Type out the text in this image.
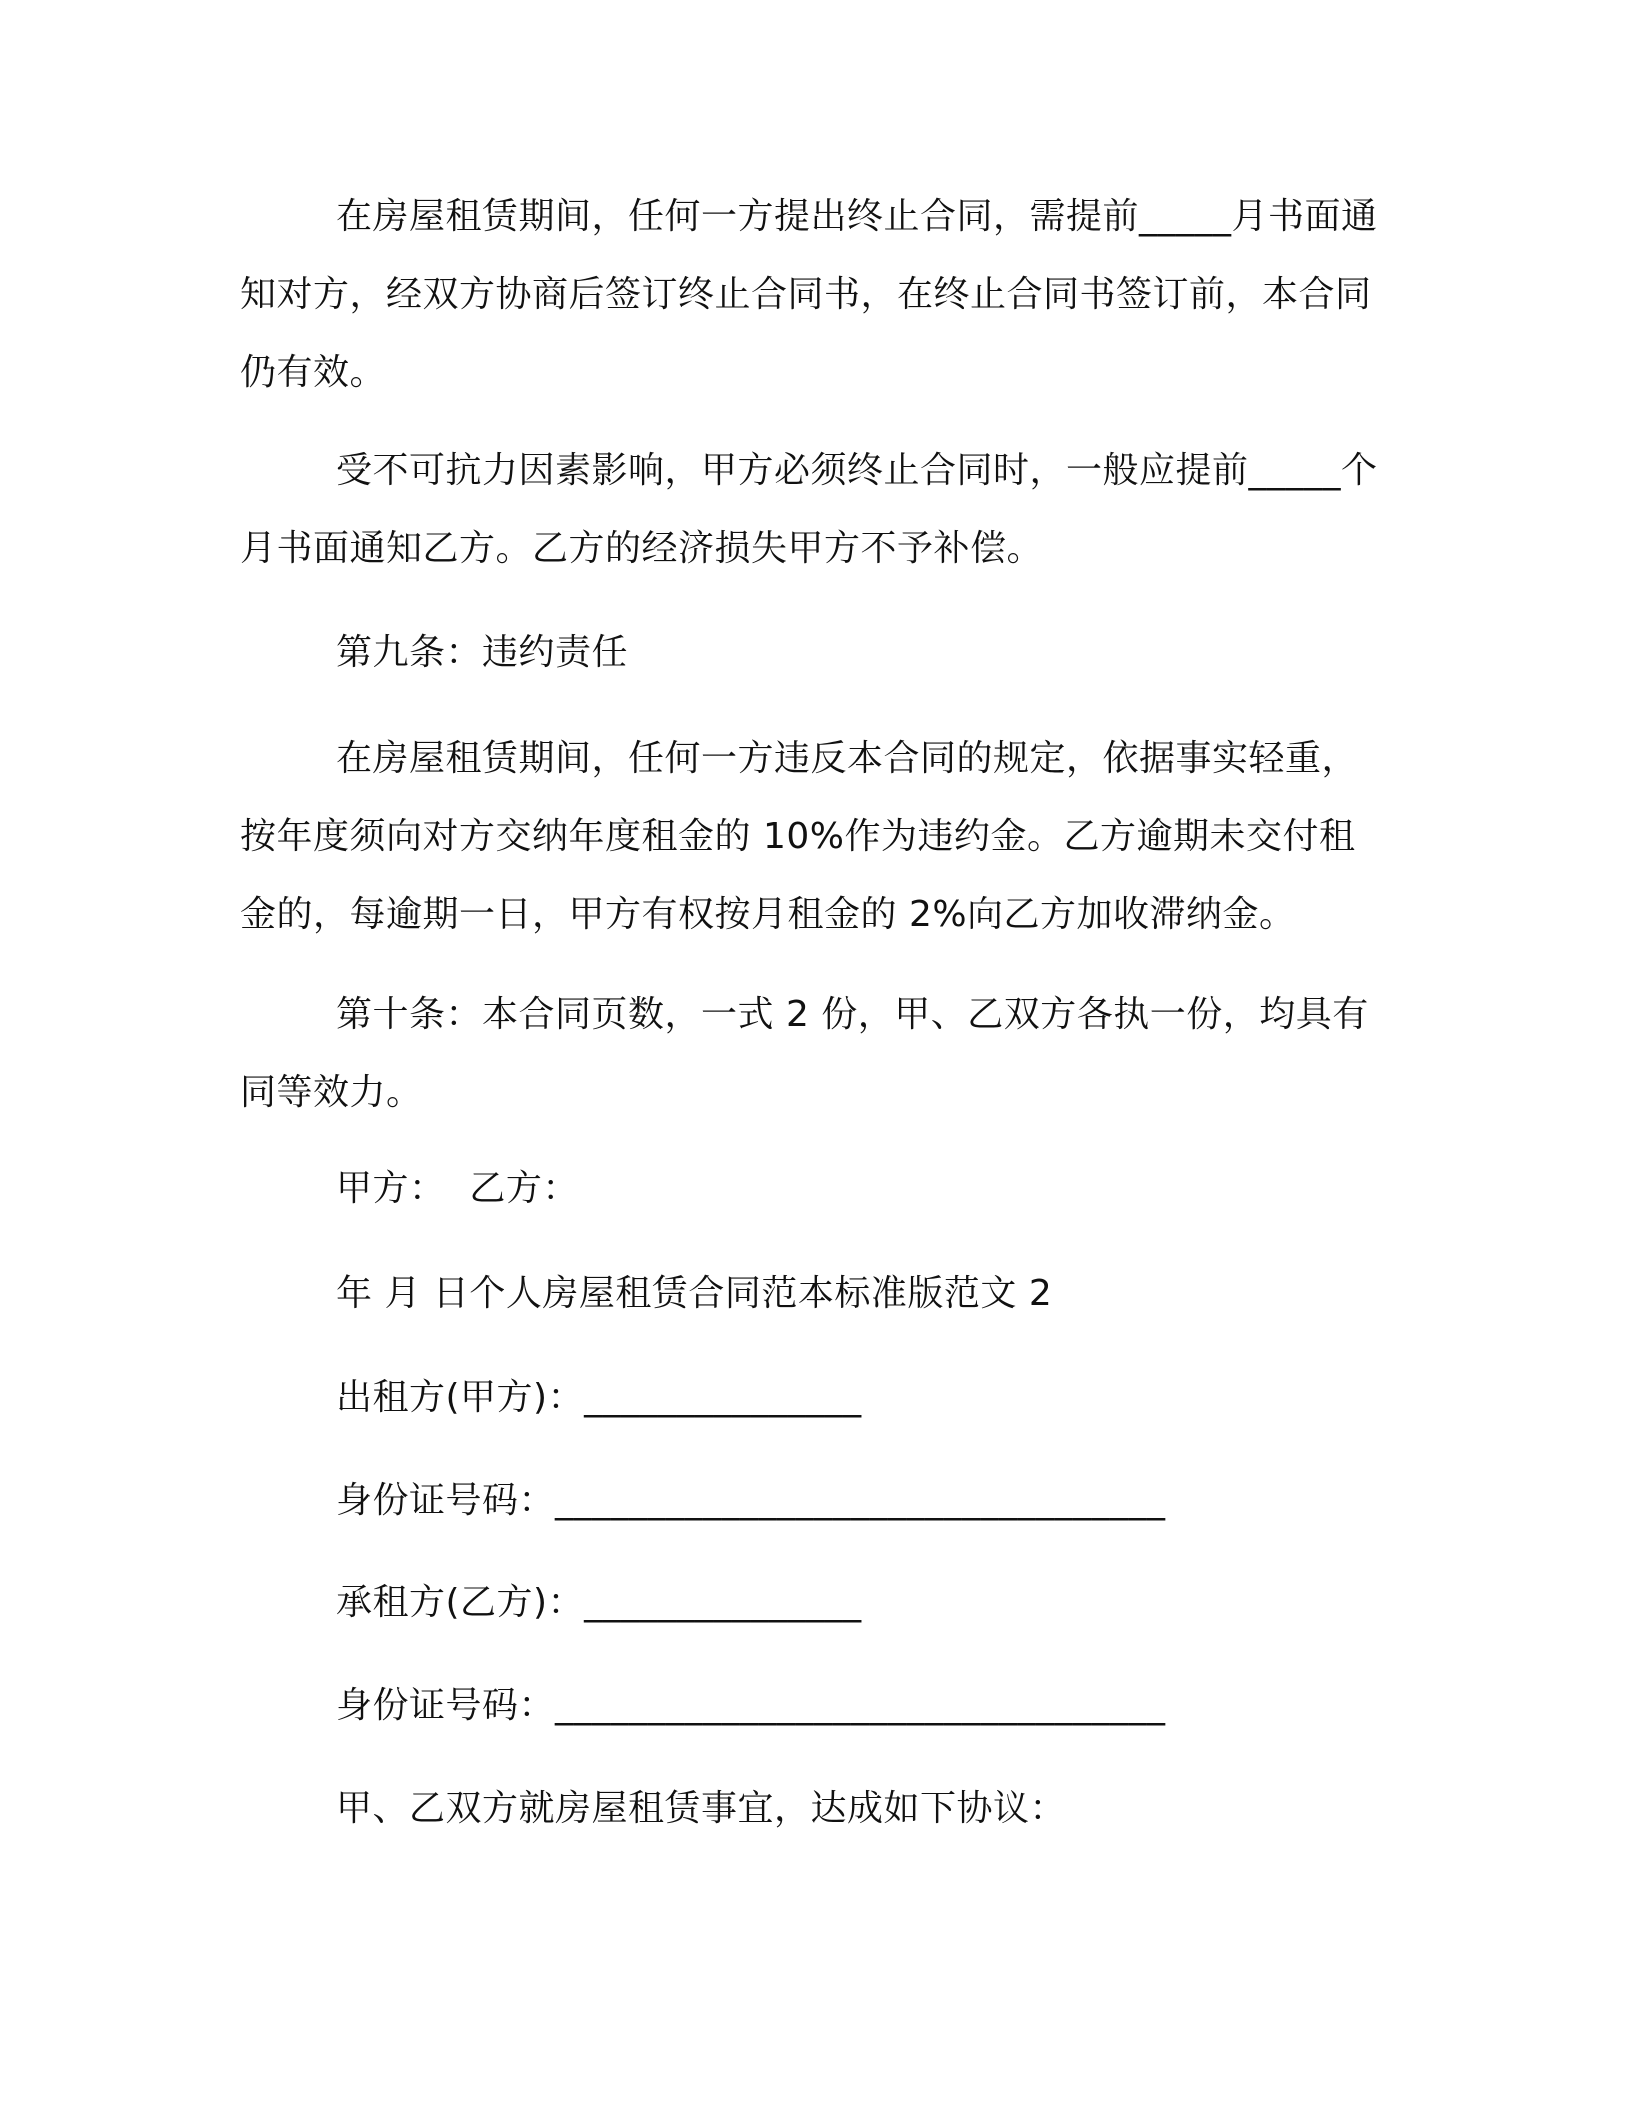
在房屋租赁期间，任何一方提出终止合同，需提前_____月书面通知对方，经双方协商后签订终止合同书，在终止合同书签订前，本合同仍有效。

受不可抗力因素影响，甲方必须终止合同时，一般应提前_____个月书面通知乙方。乙方的经济损失甲方不予补偿。

第九条：违约责任

在房屋租赁期间，任何一方违反本合同的规定，依据事实轻重，按年度须向对方交纳年度租金的 10%作为违约金。乙方逾期未交付租金的，每逾期一日，甲方有权按月租金的 2%向乙方加收滞纳金。

第十条：本合同页数，一式 2 份，甲、乙双方各执一份，均具有同等效力。

甲方：  乙方：

年 月 日个人房屋租赁合同范本标准版范文 2

出租方(甲方)：_______________

身份证号码：_________________________________

承租方(乙方)：_______________

身份证号码：_________________________________

甲、乙双方就房屋租赁事宜，达成如下协议：
